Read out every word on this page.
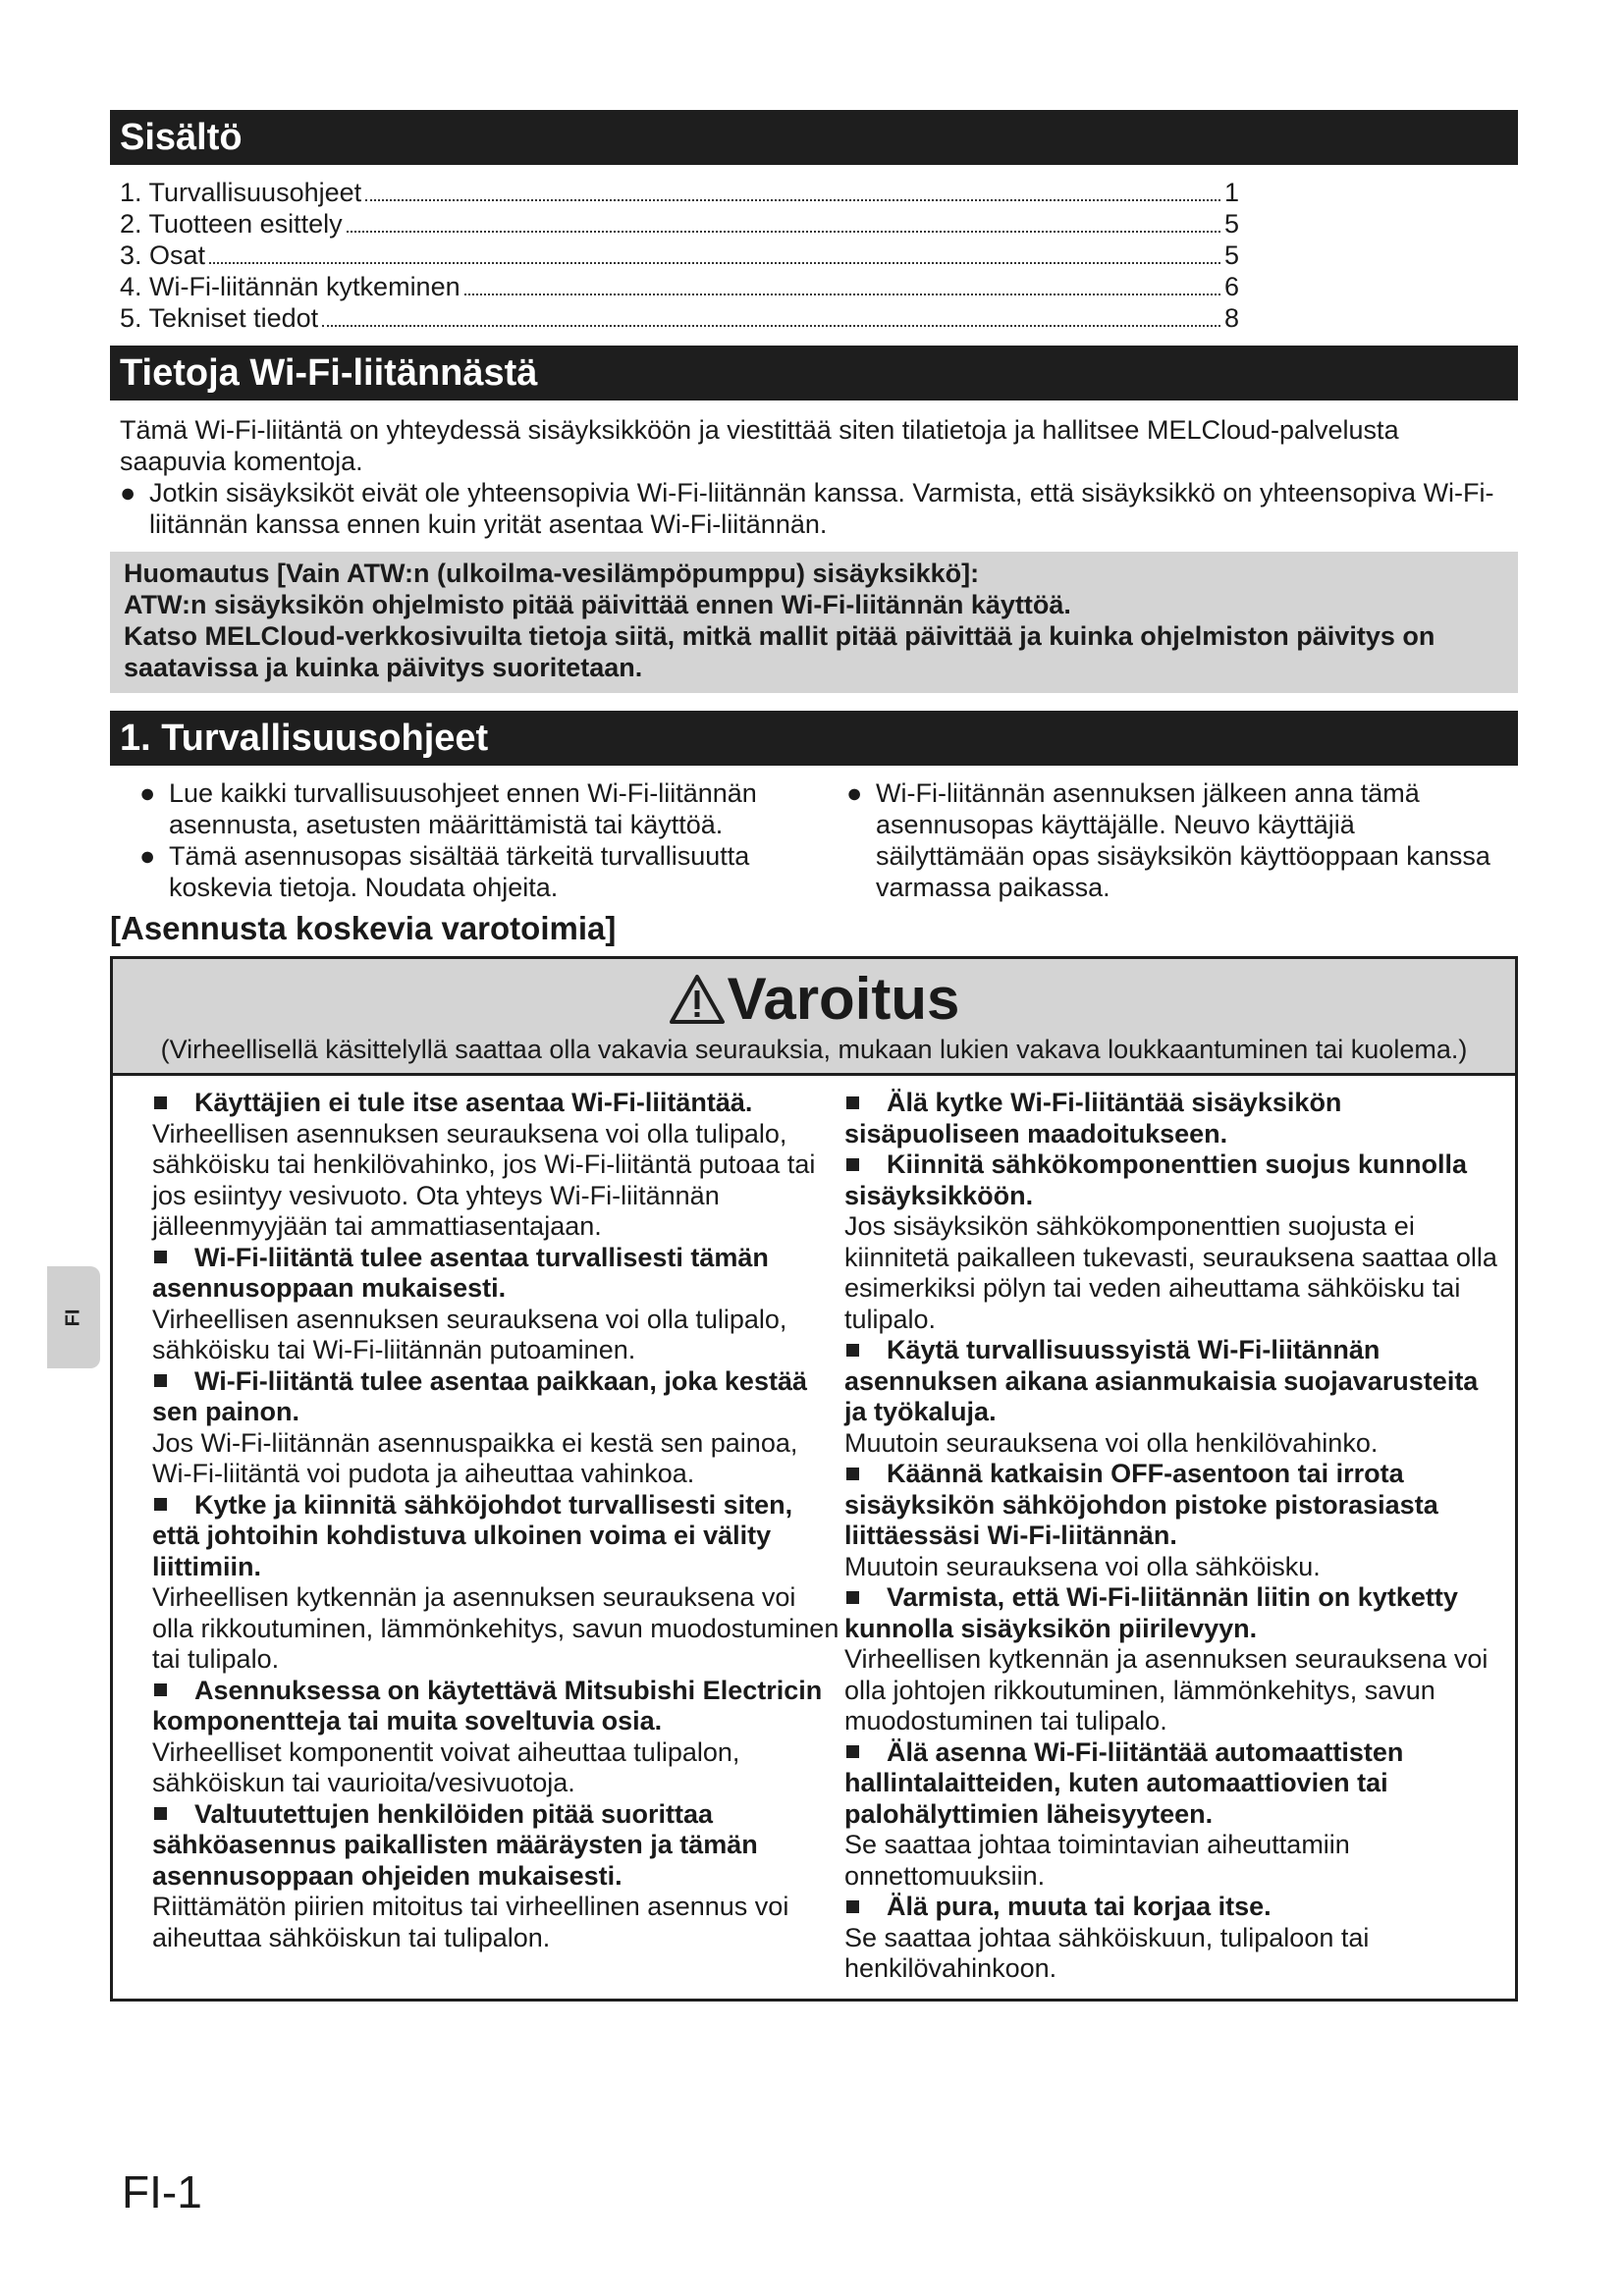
Sisältö
1. Turvallisuusohjeet	1
2. Tuotteen esittely	5
3. Osat	5
4. Wi-Fi-liitännän kytkeminen	6
5. Tekniset tiedot	8
Tietoja Wi-Fi-liitännästä

Tämä Wi-Fi-liitäntä on yhteydessä sisäyksikköön ja viestittää siten tilatietoja ja hallitsee MELCloud-palvelusta saapuvia komentoja.

● Jotkin sisäyksiköt eivät ole yhteensopivia Wi-Fi-liitännän kanssa. Varmista, että sisäyksikkö on yhteensopiva Wi-Fi-liitännän kanssa ennen kuin yrität asentaa Wi-Fi-liitännän.

Huomautus [Vain ATW:n (ulkoilma-vesilämpöpumppu) sisäyksikkö]:

ATW:n sisäyksikön ohjelmisto pitää päivittää ennen Wi-Fi-liitännän käyttöä.

Katso MELCloud-verkkosivuilta tietoja siitä, mitkä mallit pitää päivittää ja kuinka ohjelmiston päivitys on saatavissa ja kuinka päivitys suoritetaan.

1. Turvallisuusohjeet
● Lue kaikki turvallisuusohjeet ennen Wi-Fi-liitännän asennusta, asetusten määrittämistä tai käyttöä.
● Tämä asennusopas sisältää tärkeitä turvallisuutta koskevia tietoja. Noudata ohjeita.
● Wi-Fi-liitännän asennuksen jälkeen anna tämä asennusopas käyttäjälle. Neuvo käyttäjiä säilyttämään opas sisäyksikön käyttöoppaan kanssa varmassa paikassa.
[Asennusta koskevia varotoimia]
Varoitus
(Virheellisellä käsittelyllä saattaa olla vakavia seurauksia, mukaan lukien vakava loukkaantuminen tai kuolema.)

Käyttäjien ei tule itse asentaa Wi-Fi-liitäntää.
Virheellisen asennuksen seurauksena voi olla tulipalo, sähköisku tai henkilövahinko, jos Wi-Fi-liitäntä putoaa tai jos esiintyy vesivuoto. Ota yhteys Wi-Fi-liitännän jälleenmyyjään tai ammattiasentajaan.

Wi-Fi-liitäntä tulee asentaa turvallisesti tämän asennusoppaan mukaisesti.
Virheellisen asennuksen seurauksena voi olla tulipalo, sähköisku tai Wi-Fi-liitännän putoaminen.

Wi-Fi-liitäntä tulee asentaa paikkaan, joka kestää sen painon.
Jos Wi-Fi-liitännän asennuspaikka ei kestä sen painoa, Wi-Fi-liitäntä voi pudota ja aiheuttaa vahinkoa.

Kytke ja kiinnitä sähköjohdot turvallisesti siten, että johtoihin kohdistuva ulkoinen voima ei välity liittimiin.
Virheellisen kytkennän ja asennuksen seurauksena voi olla rikkoutuminen, lämmönkehitys, savun muodostuminen tai tulipalo.

Asennuksessa on käytettävä Mitsubishi Electricin komponentteja tai muita soveltuvia osia.
Virheelliset komponentit voivat aiheuttaa tulipalon, sähköiskun tai vaurioita/vesivuotoja.

Valtuutettujen henkilöiden pitää suorittaa sähköasennus paikallisten määräysten ja tämän asennusoppaan ohjeiden mukaisesti.
Riittämätön piirien mitoitus tai virheellinen asennus voi aiheuttaa sähköiskun tai tulipalon.

Älä kytke Wi-Fi-liitäntää sisäyksikön sisäpuoliseen maadoitukseen.

Kiinnitä sähkökomponenttien suojus kunnolla sisäyksikköön.
Jos sisäyksikön sähkökomponenttien suojusta ei kiinnitetä paikalleen tukevasti, seurauksena saattaa olla esimerkiksi pölyn tai veden aiheuttama sähköisku tai tulipalo.

Käytä turvallisuussyistä Wi-Fi-liitännän asennuksen aikana asianmukaisia suojavarusteita ja työkaluja.
Muutoin seurauksena voi olla henkilövahinko.

Käännä katkaisin OFF-asentoon tai irrota sisäyksikön sähköjohdon pistoke pistorasiasta liittäessäsi Wi-Fi-liitännän.
Muutoin seurauksena voi olla sähköisku.

Varmista, että Wi-Fi-liitännän liitin on kytketty kunnolla sisäyksikön piirilevyyn.
Virheellisen kytkennän ja asennuksen seurauksena voi olla johtojen rikkoutuminen, lämmönkehitys, savun muodostuminen tai tulipalo.

Älä asenna Wi-Fi-liitäntää automaattisten hallintalaitteiden, kuten automaattiovien tai palohälyttimien läheisyyteen.
Se saattaa johtaa toimintavian aiheuttamiin onnettomuuksiin.

Älä pura, muuta tai korjaa itse.
Se saattaa johtaa sähköiskuun, tulipaloon tai henkilövahinkoon.

FI
FI-1
